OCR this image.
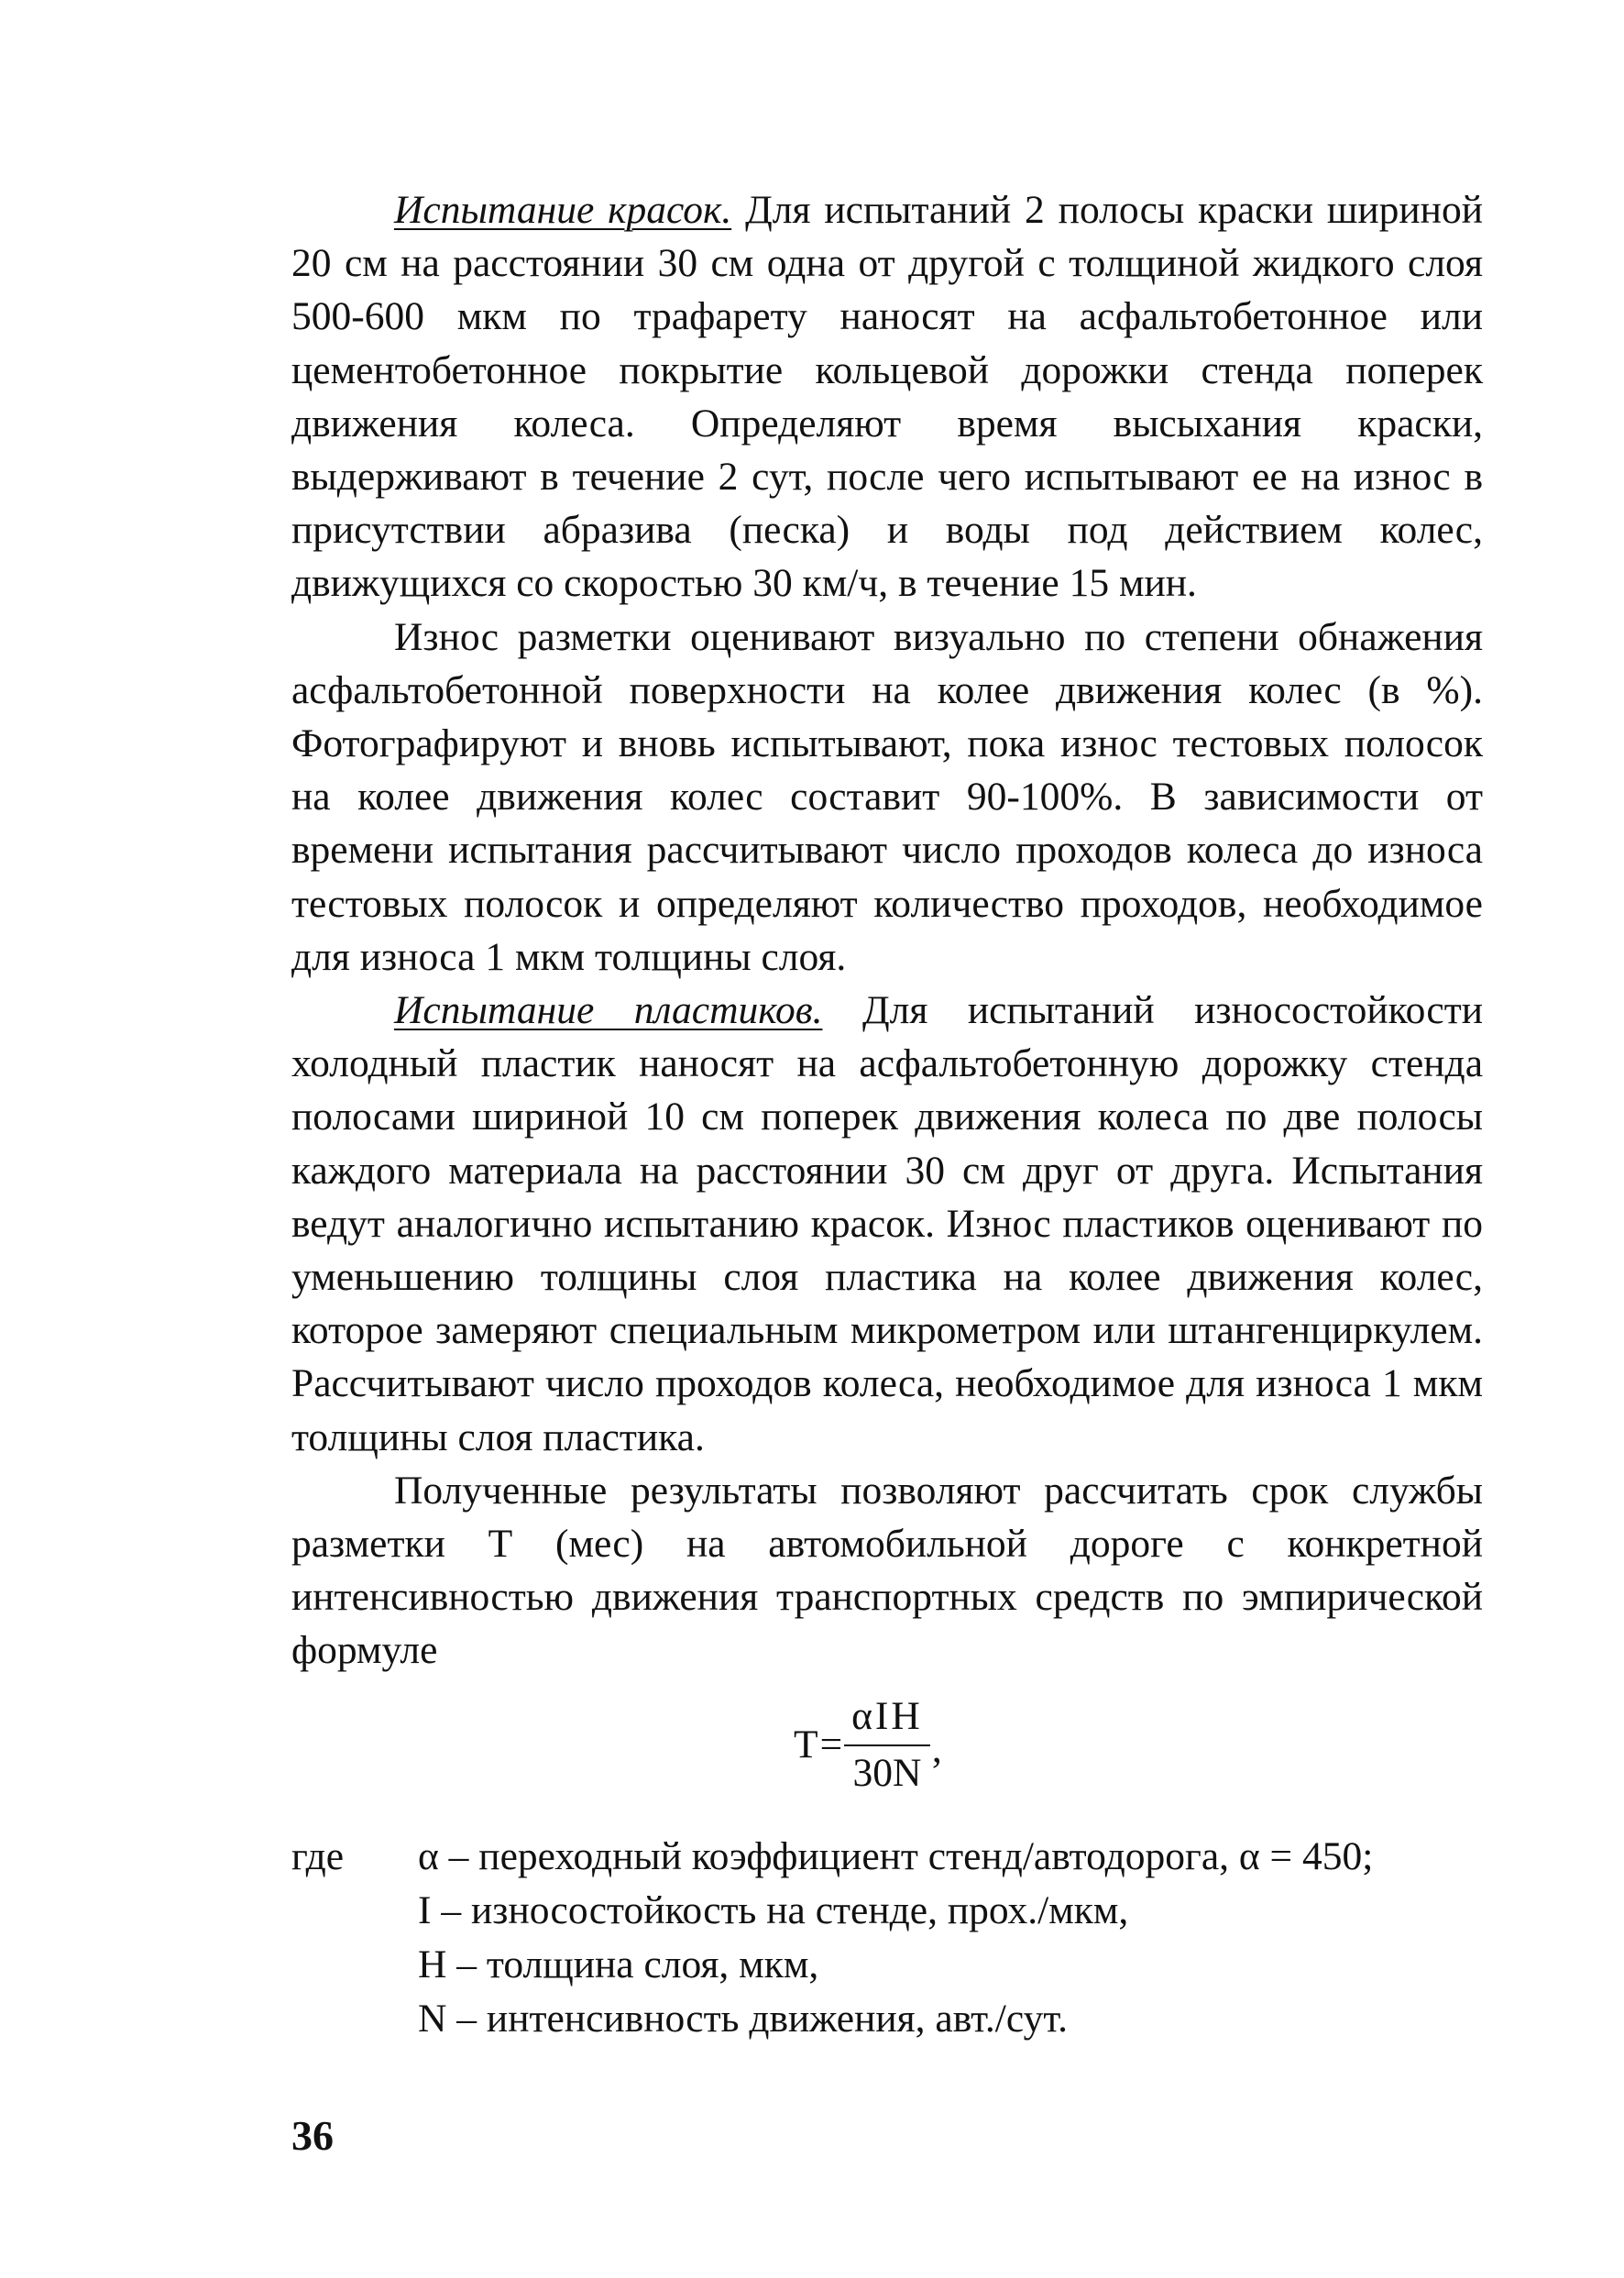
Испытание красок. Для испытаний 2 полосы краски шириной 20 см на расстоянии 30 см одна от другой с толщиной жидкого слоя 500-600 мкм по трафарету наносят на асфальтобетонное или цементобетонное покрытие кольцевой дорожки стенда поперек движения колеса. Определяют время высыхания краски, выдерживают в течение 2 сут, после чего испытывают ее на износ в присутствии абразива (песка) и воды под действием колес, движущихся со скоростью 30 км/ч, в течение 15 мин.

Износ разметки оценивают визуально по степени обнажения асфальтобетонной поверхности на колее движения колес (в %). Фотографируют и вновь испытывают, пока износ тестовых полосок на колее движения колес составит 90-100%. В зависимости от времени испытания рассчитывают число проходов колеса до износа тестовых полосок и определяют количество проходов, необходимое для износа 1 мкм толщины слоя.

Испытание пластиков. Для испытаний износостойкости холодный пластик наносят на асфальтобетонную дорожку стенда полосами шириной 10 см поперек движения колеса по две полосы каждого материала на расстоянии 30 см друг от друга. Испытания ведут аналогично испытанию красок. Износ пластиков оценивают по уменьшению толщины слоя пластика на колее движения колес, которое замеряют специальным микрометром или штангенциркулем. Рассчитывают число проходов колеса, необходимое для износа 1 мкм толщины слоя пластика.

Полученные результаты позволяют рассчитать срок службы разметки Т (мес) на автомобильной дороге с конкретной интенсивностью движения транспортных средств по эмпирической формуле

$T = \frac{\text{αIH}}{30N}$ ,
где	α – переходный коэффициент стенд/автодорога, α = 450;
I – износостойкость на стенде, прох./мкм,
H – толщина слоя, мкм,
N – интенсивность движения, авт./сут.
36
